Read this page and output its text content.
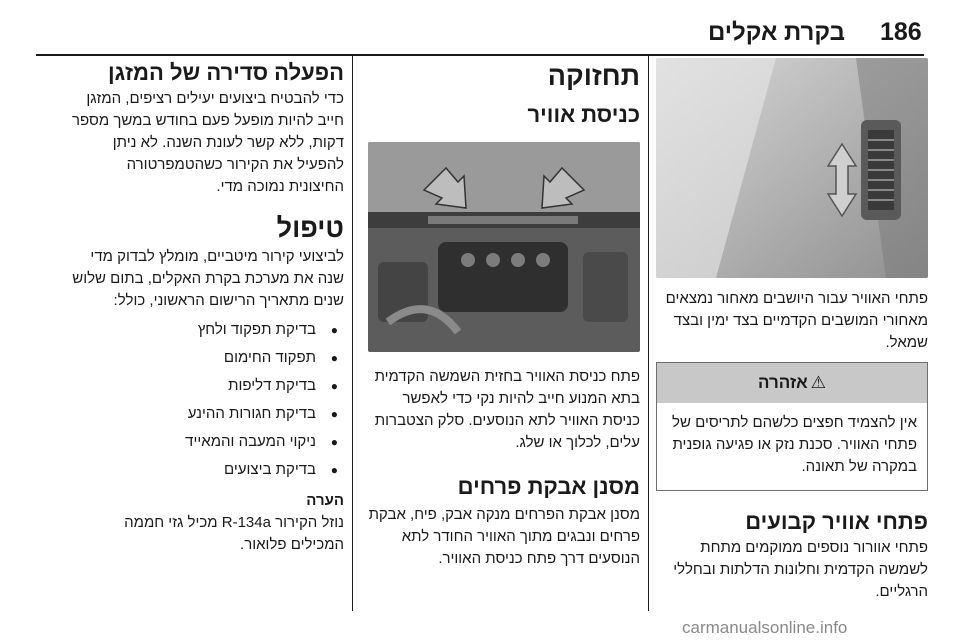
186
בקרת אקלים

פתחי האוויר עבור היושבים מאחור נמצאים מאחורי המושבים הקדמיים בצד ימין ובצד שמאל.

⚠
אזהרה
אין להצמיד חפצים כלשהם לתריסים של פתחי האוויר. סכנת נזק או פגיעה גופנית במקרה של תאונה.
פתחי אוויר קבועים

פתחי אוורור נוספים ממוקמים מתחת לשמשה הקדמית וחלונות הדלתות ובחללי הרגליים.

תחזוקה
כניסת אוויר

פתח כניסת האוויר בחזית השמשה הקדמית בתא המנוע חייב להיות נקי כדי לאפשר כניסת האוויר לתא הנוסעים. סלק הצטברות עלים, לכלוך או שלג.

מסנן אבקת פרחים

מסנן אבקת הפרחים מנקה אבק, פיח, אבקת פרחים ונבגים מתוך האוויר החודר לתא הנוסעים דרך פתח כניסת האוויר.

הפעלה סדירה של המזגן

כדי להבטיח ביצועים יעילים רציפים, המזגן חייב להיות מופעל פעם בחודש במשך מספר דקות, ללא קשר לעונת השנה. לא ניתן להפעיל את הקירור כשהטמפרטורה החיצונית נמוכה מדי.

טיפול

לביצועי קירור מיטביים, מומלץ לבדוק מדי שנה את מערכת בקרת האקלים, בתום שלוש שנים מתאריך הרישום הראשוני, כולל:

● בדיקת תפקוד ולחץ
● תפקוד החימום
● בדיקת דליפות
● בדיקת חגורות ההינע
● ניקוי המעבה והמאייד
● בדיקת ביצועים
הערה

נוזל הקירור R-134a מכיל גזי חממה המכילים פלואור.

carmanualsonline.info
